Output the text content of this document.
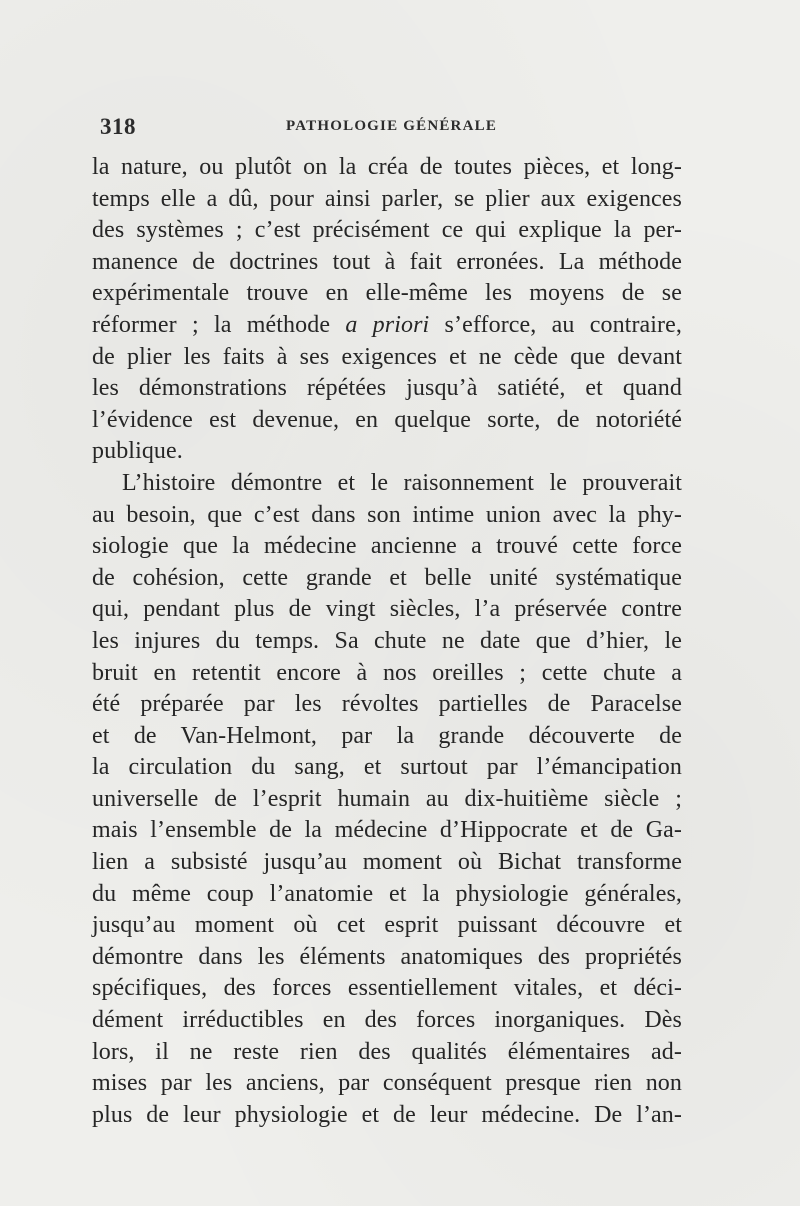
318	PATHOLOGIE GÉNÉRALE
la nature, ou plutôt on la créa de toutes pièces, et long-
temps elle a dû, pour ainsi parler, se plier aux exigences
des systèmes ; c’est précisément ce qui explique la per-
manence de doctrines tout à fait erronées. La méthode
expérimentale trouve en elle-même les moyens de se
réformer ; la méthode a priori s’efforce, au contraire,
de plier les faits à ses exigences et ne cède que devant
les démonstrations répétées jusqu’à satiété, et quand
l’évidence est devenue, en quelque sorte, de notoriété
publique.
L’histoire démontre et le raisonnement le prouverait
au besoin, que c’est dans son intime union avec la phy-
siologie que la médecine ancienne a trouvé cette force
de cohésion, cette grande et belle unité systématique
qui, pendant plus de vingt siècles, l’a préservée contre
les injures du temps. Sa chute ne date que d’hier, le
bruit en retentit encore à nos oreilles ; cette chute a
été préparée par les révoltes partielles de Paracelse
et de Van-Helmont, par la grande découverte de
la circulation du sang, et surtout par l’émancipation
universelle de l’esprit humain au dix-huitième siècle ;
mais l’ensemble de la médecine d’Hippocrate et de Ga-
lien a subsisté jusqu’au moment où Bichat transforme
du même coup l’anatomie et la physiologie générales,
jusqu’au moment où cet esprit puissant découvre et
démontre dans les éléments anatomiques des propriétés
spécifiques, des forces essentiellement vitales, et déci-
dément irréductibles en des forces inorganiques. Dès
lors, il ne reste rien des qualités élémentaires ad-
mises par les anciens, par conséquent presque rien non
plus de leur physiologie et de leur médecine. De l’an-
